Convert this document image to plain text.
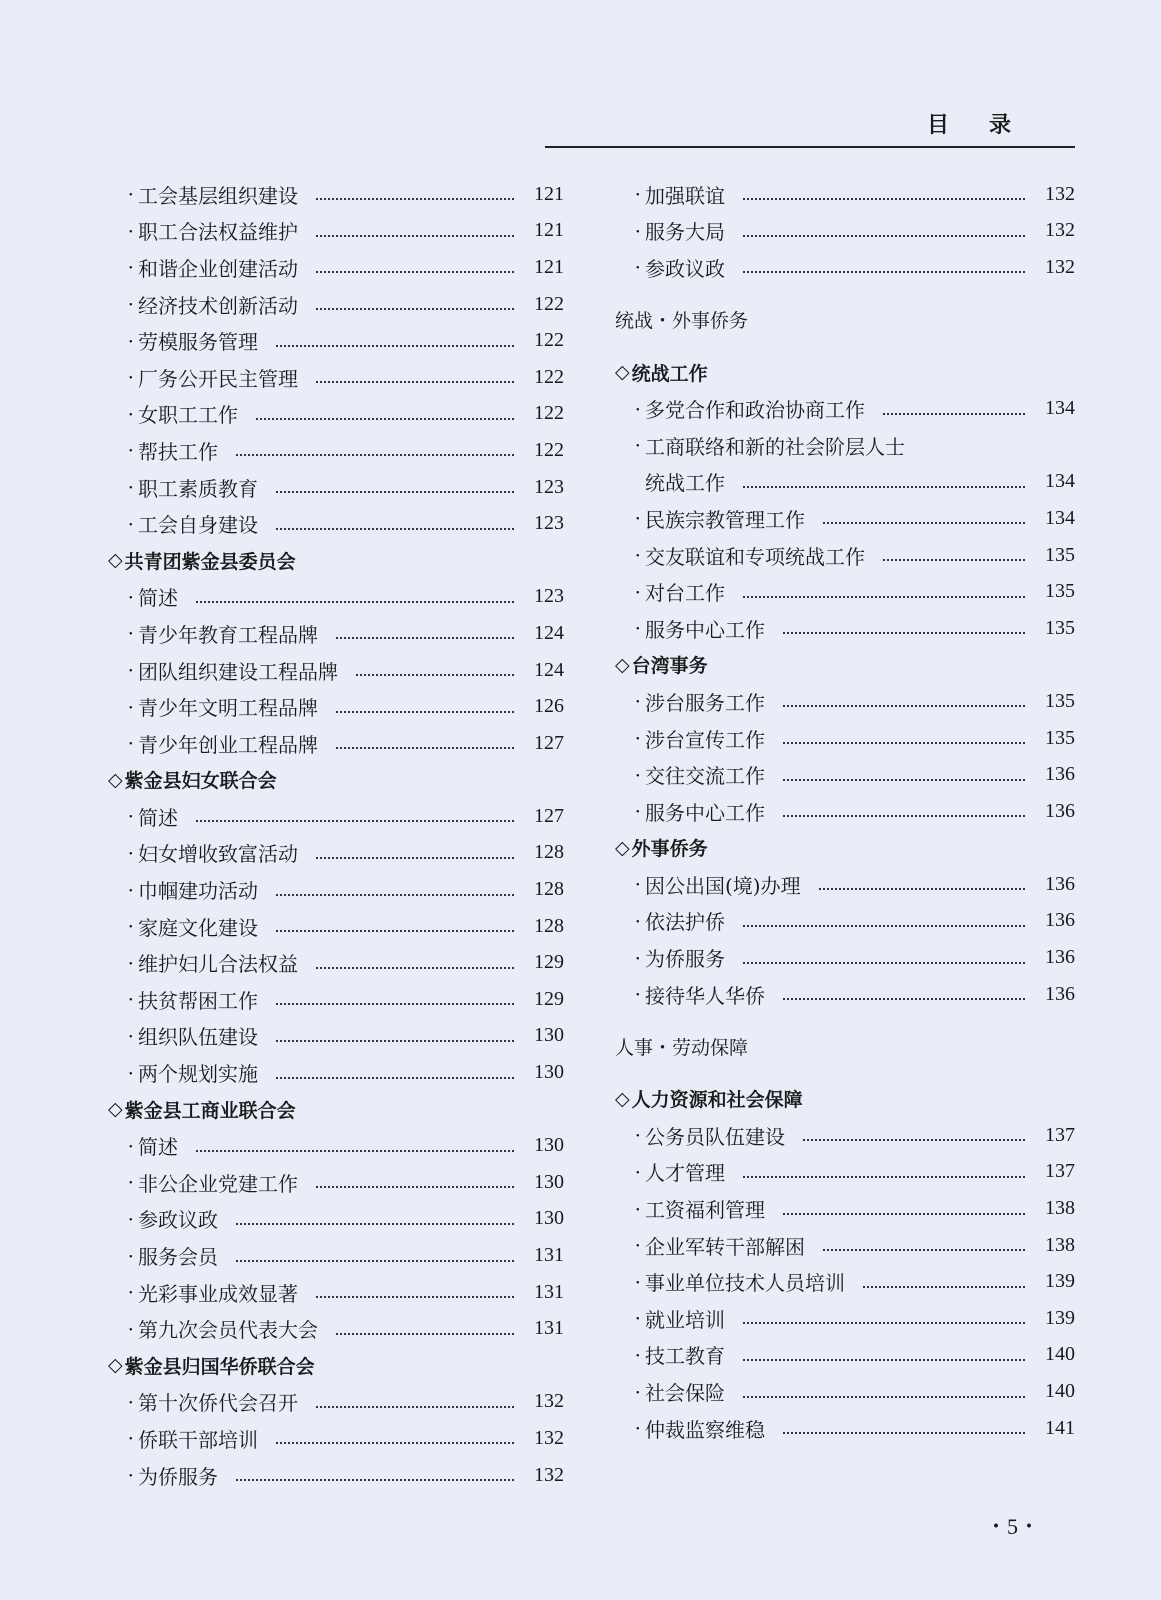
目录
· 工会基层组织建设	121
· 职工合法权益维护	121
· 和谐企业创建活动	121
· 经济技术创新活动	122
· 劳模服务管理	122
· 厂务公开民主管理	122
· 女职工工作	122
· 帮扶工作	122
· 职工素质教育	123
· 工会自身建设	123
◇ 共青团紫金县委员会
· 简述	123
· 青少年教育工程品牌	124
· 团队组织建设工程品牌	124
· 青少年文明工程品牌	126
· 青少年创业工程品牌	127
◇ 紫金县妇女联合会
· 简述	127
· 妇女增收致富活动	128
· 巾帼建功活动	128
· 家庭文化建设	128
· 维护妇儿合法权益	129
· 扶贫帮困工作	129
· 组织队伍建设	130
· 两个规划实施	130
◇ 紫金县工商业联合会
· 简述	130
· 非公企业党建工作	130
· 参政议政	130
· 服务会员	131
· 光彩事业成效显著	131
· 第九次会员代表大会	131
◇ 紫金县归国华侨联合会
· 第十次侨代会召开	132
· 侨联干部培训	132
· 为侨服务	132
· 加强联谊	132
· 服务大局	132
· 参政议政	132
统战・外事侨务
◇ 统战工作
· 多党合作和政治协商工作	134
· 工商联络和新的社会阶层人士
统战工作	134
· 民族宗教管理工作	134
· 交友联谊和专项统战工作	135
· 对台工作	135
· 服务中心工作	135
◇ 台湾事务
· 涉台服务工作	135
· 涉台宣传工作	135
· 交往交流工作	136
· 服务中心工作	136
◇ 外事侨务
· 因公出国(境)办理	136
· 依法护侨	136
· 为侨服务	136
· 接待华人华侨	136
人事・劳动保障
◇ 人力资源和社会保障
· 公务员队伍建设	137
· 人才管理	137
· 工资福利管理	138
· 企业军转干部解困	138
· 事业单位技术人员培训	139
· 就业培训	139
· 技工教育	140
· 社会保险	140
· 仲裁监察维稳	141
・5・
